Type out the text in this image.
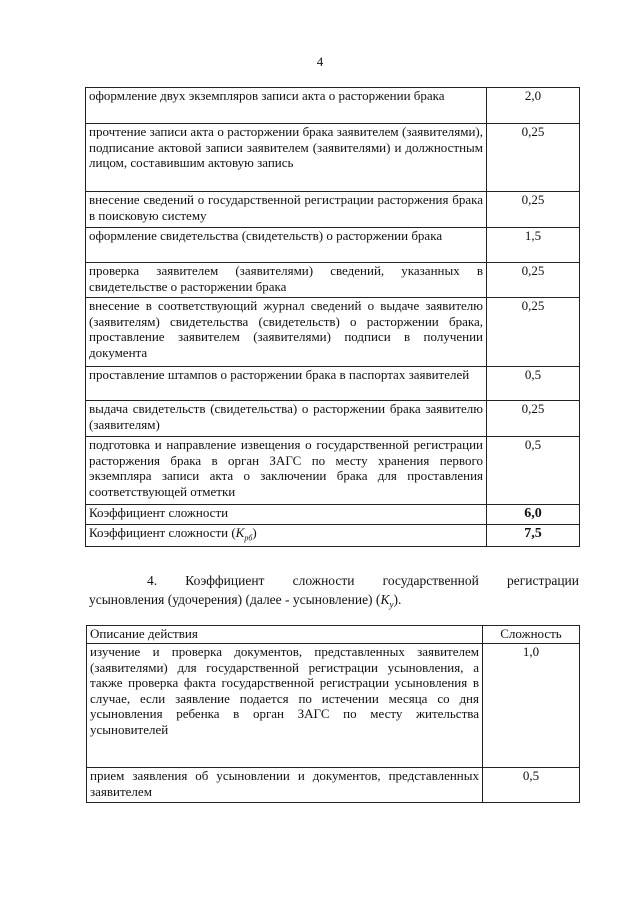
4
оформление двух экземпляров записи акта о расторжении брака	2,0
прочтение записи акта о расторжении брака заявителем (заявителями), подписание актовой записи заявителем (заявителями) и должностным лицом, составившим актовую запись	0,25
внесение сведений о государственной регистрации расторжения брака в поисковую систему	0,25
оформление свидетельства (свидетельств) о расторжении брака	1,5
проверка заявителем (заявителями) сведений, указанных в свидетельстве о расторжении брака	0,25
внесение в соответствующий журнал сведений о выдаче заявителю (заявителям) свидетельства (свидетельств) о расторжении брака, проставление заявителем (заявителями) подписи в получении документа	0,25
проставление штампов о расторжении брака в паспортах заявителей	0,5
выдача свидетельств (свидетельства) о расторжении брака заявителю (заявителям)	0,25
подготовка и направление извещения о государственной регистрации расторжения брака в орган ЗАГС по месту хранения первого экземпляра записи акта о заключении брака для проставления соответствующей отметки	0,5
Коэффициент сложности	6,0
Коэффициент сложности $(K_{рб})$	7,5
4. Коэффициент сложности государственной регистрации
усыновления (удочерения) (далее - усыновление) $(K_у)$.
Описание действия	Сложность
изучение и проверка документов, представленных заявителем (заявителями) для государственной регистрации усыновления, а также проверка факта государственной регистрации усыновления в случае, если заявление подается по истечении месяца со дня усыновления ребенка в орган ЗАГС по месту жительства усыновителей	1,0
прием заявления об усыновлении и документов, представленных заявителем	0,5
